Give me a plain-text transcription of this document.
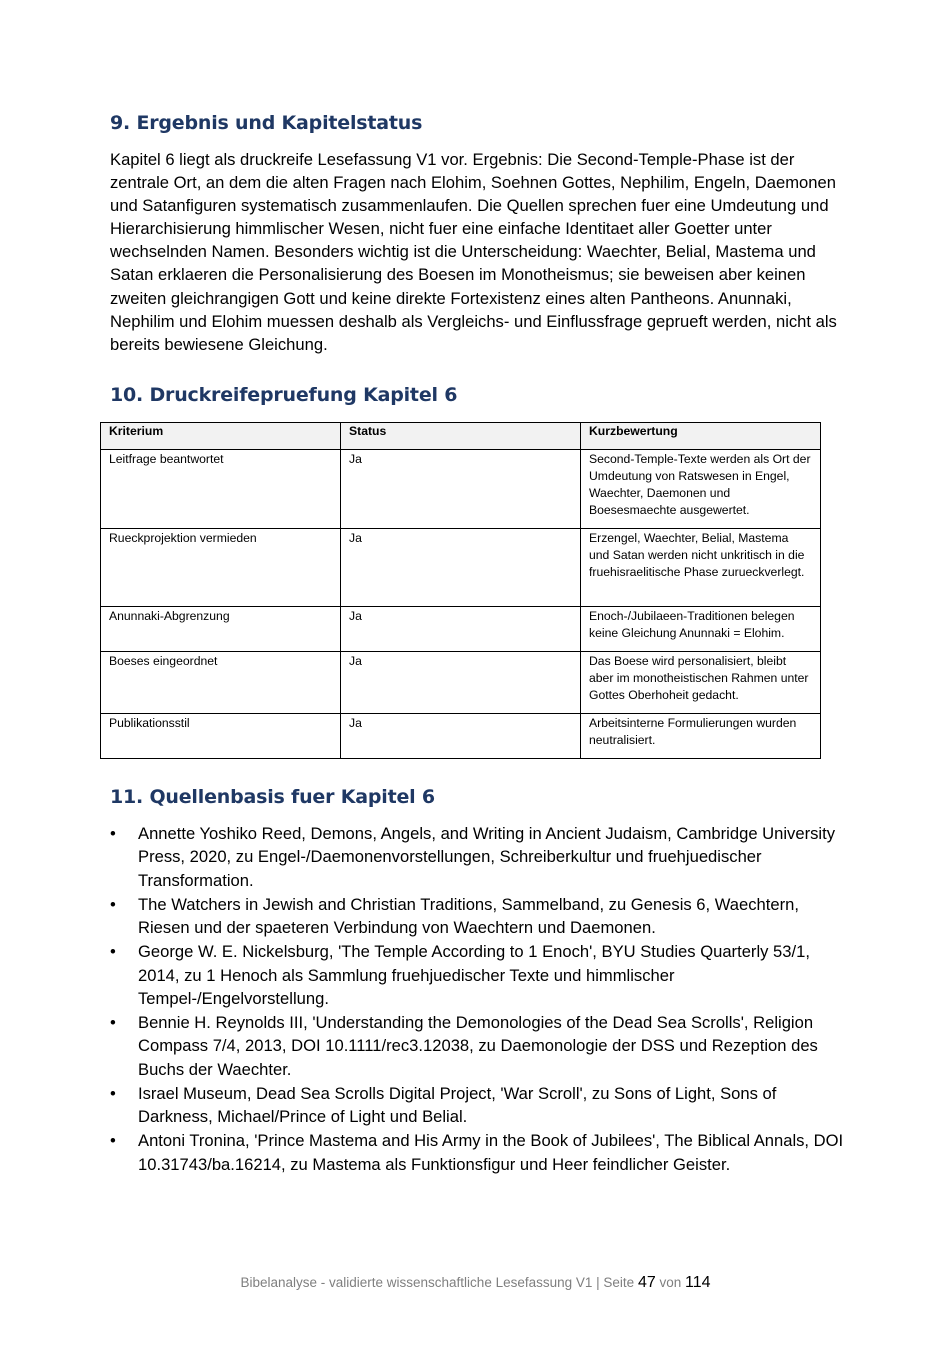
9. Ergebnis und Kapitelstatus

Kapitel 6 liegt als druckreife Lesefassung V1 vor. Ergebnis: Die Second-Temple-Phase ist der zentrale Ort, an dem die alten Fragen nach Elohim, Soehnen Gottes, Nephilim, Engeln, Daemonen und Satanfiguren systematisch zusammenlaufen. Die Quellen sprechen fuer eine Umdeutung und Hierarchisierung himmlischer Wesen, nicht fuer eine einfache Identitaet aller Goetter unter wechselnden Namen. Besonders wichtig ist die Unterscheidung: Waechter, Belial, Mastema und Satan erklaeren die Personalisierung des Boesen im Monotheismus; sie beweisen aber keinen zweiten gleichrangigen Gott und keine direkte Fortexistenz eines alten Pantheons. Anunnaki, Nephilim und Elohim muessen deshalb als Vergleichs- und Einflussfrage geprueft werden, nicht als bereits bewiesene Gleichung.

10. Druckreifepruefung Kapitel 6
Kriterium	Status	Kurzbewertung
Leitfrage beantwortet	Ja	Second-Temple-Texte werden als Ort der Umdeutung von Ratswesen in Engel, Waechter, Daemonen und Boesesmaechte ausgewertet.
Rueckprojektion vermieden	Ja	Erzengel, Waechter, Belial, Mastema und Satan werden nicht unkritisch in die fruehisraelitische Phase zurueckverlegt.
Anunnaki-Abgrenzung	Ja	Enoch-/Jubilaeen-Traditionen belegen keine Gleichung Anunnaki = Elohim.
Boeses eingeordnet	Ja	Das Boese wird personalisiert, bleibt aber im monotheistischen Rahmen unter Gottes Oberhoheit gedacht.
Publikationsstil	Ja	Arbeitsinterne Formulierungen wurden neutralisiert.
11. Quellenbasis fuer Kapitel 6
•	Annette Yoshiko Reed, Demons, Angels, and Writing in Ancient Judaism, Cambridge University Press, 2020, zu Engel-/Daemonenvorstellungen, Schreiberkultur und fruehjuedischer Transformation.
•	The Watchers in Jewish and Christian Traditions, Sammelband, zu Genesis 6, Waechtern, Riesen und der spaeteren Verbindung von Waechtern und Daemonen.
•	George W. E. Nickelsburg, 'The Temple According to 1 Enoch', BYU Studies Quarterly 53/1, 2014, zu 1 Henoch als Sammlung fruehjuedischer Texte und himmlischer Tempel-/Engelvorstellung.
•	Bennie H. Reynolds III, 'Understanding the Demonologies of the Dead Sea Scrolls', Religion Compass 7/4, 2013, DOI 10.1111/rec3.12038, zu Daemonologie der DSS und Rezeption des Buchs der Waechter.
•	Israel Museum, Dead Sea Scrolls Digital Project, 'War Scroll', zu Sons of Light, Sons of Darkness, Michael/Prince of Light und Belial.
•	Antoni Tronina, 'Prince Mastema and His Army in the Book of Jubilees', The Biblical Annals, DOI 10.31743/ba.16214, zu Mastema als Funktionsfigur und Heer feindlicher Geister.
Bibelanalyse - validierte wissenschaftliche Lesefassung V1 | Seite 47 von 114
